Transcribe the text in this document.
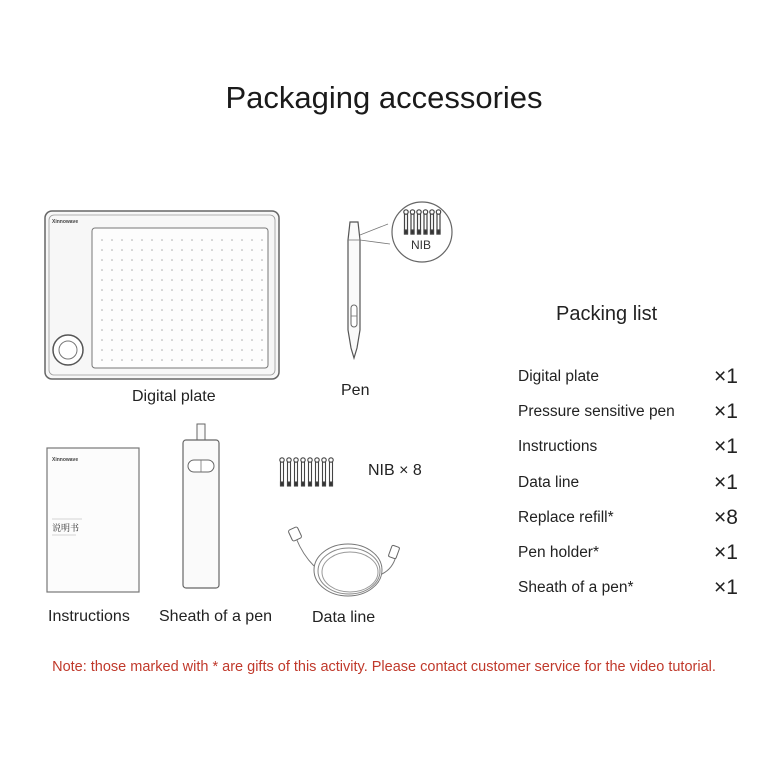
Packaging accessories
Xinnowave
Digital plate
NIB
Pen
Xinnowave
说明书
Instructions Sheath of a pen
NIB × 8
Data line
Packing list
Digital plate	×1
Pressure sensitive pen ×1
Instructions	×1
Data line	×1
Replace refill*	×8
Pen holder*	×1
Sheath of a pen*	×1
Note: those marked with * are gifts of this activity. Please contact customer service for the video tutorial.
